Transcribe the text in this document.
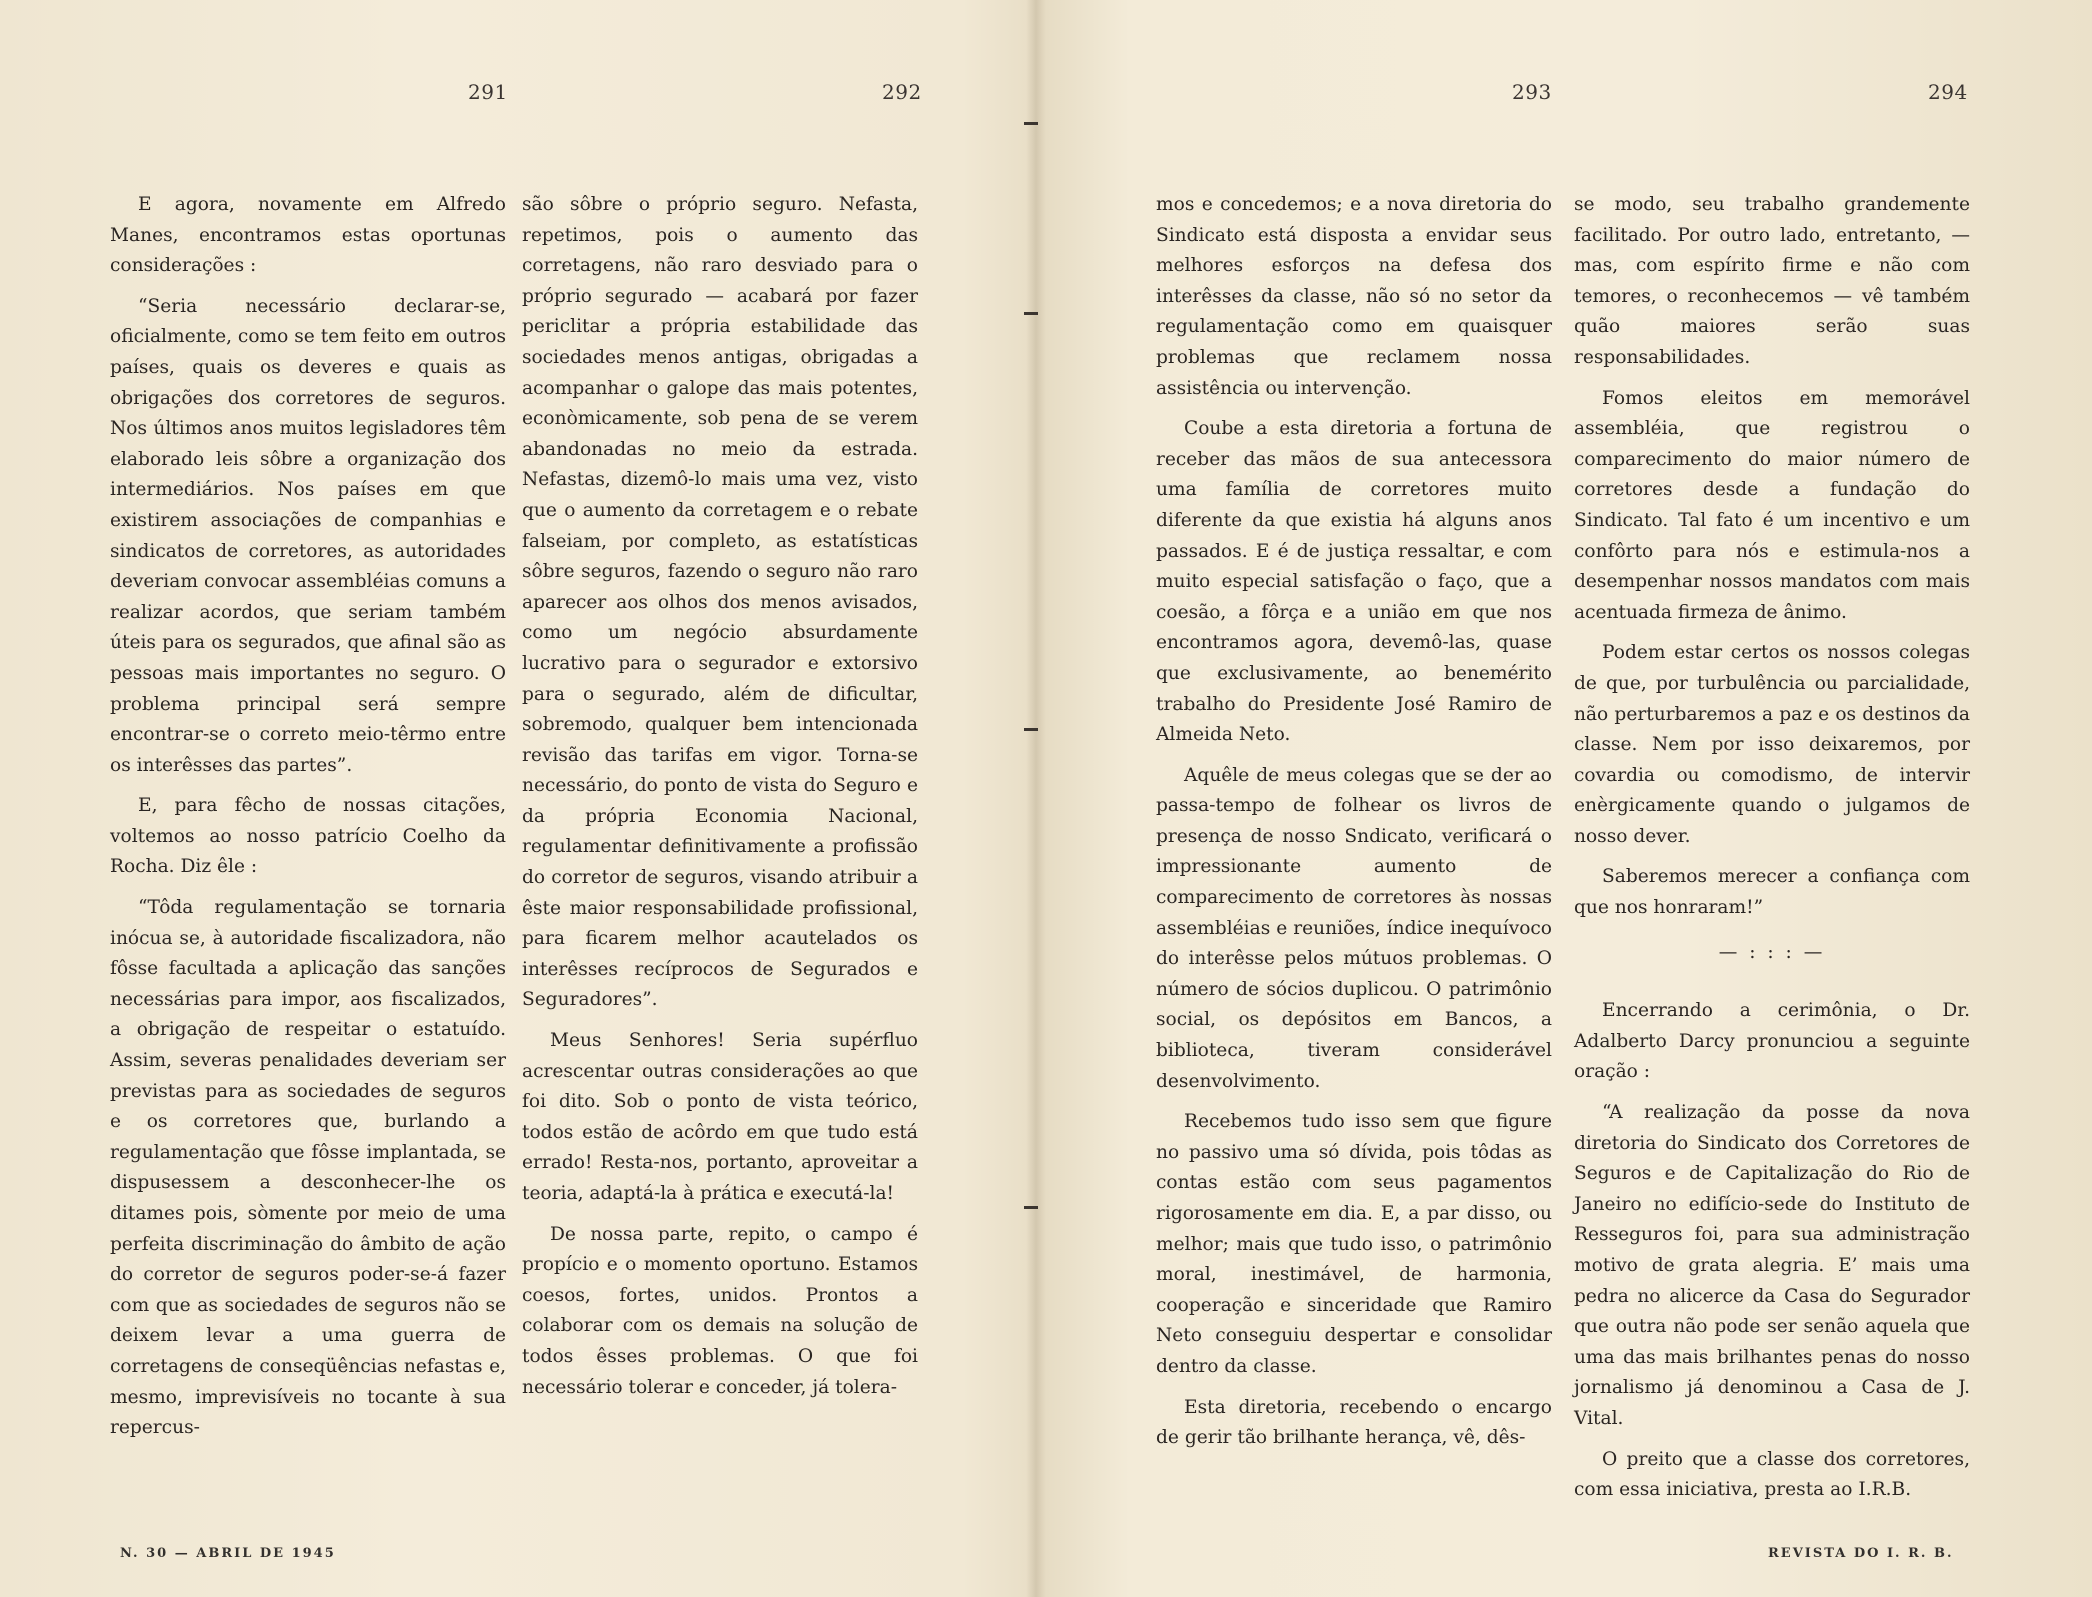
291	292	293	294

E agora, novamente em Alfredo Manes, encontramos estas oportunas considerações :

“Seria necessário declarar-se, oficialmente, como se tem feito em outros países, quais os deveres e quais as obrigações dos corretores de seguros. Nos últimos anos muitos legisladores têm elaborado leis sôbre a organização dos intermediários. Nos países em que existirem associações de companhias e sindicatos de corretores, as autoridades deveriam convocar assembléias comuns a realizar acordos, que seriam também úteis para os segurados, que afinal são as pessoas mais importantes no seguro. O problema principal será sempre encontrar-se o correto meio-têrmo entre os interêsses das partes”.

E, para fêcho de nossas citações, voltemos ao nosso patrício Coelho da Rocha. Diz êle :

“Tôda regulamentação se tornaria inócua se, à autoridade fiscalizadora, não fôsse facultada a aplicação das sanções necessárias para impor, aos fiscalizados, a obrigação de respeitar o estatuído. Assim, severas penalidades deveriam ser previstas para as sociedades de seguros e os corretores que, burlando a regulamentação que fôsse implantada, se dispusessem a desconhecer-lhe os ditames pois, sòmente por meio de uma perfeita discriminação do âmbito de ação do corretor de seguros poder-se-á fazer com que as sociedades de seguros não se deixem levar a uma guerra de corretagens de conseqüências nefastas e, mesmo, imprevisíveis no tocante à sua repercus-

são sôbre o próprio seguro. Nefasta, repetimos, pois o aumento das corretagens, não raro desviado para o próprio segurado — acabará por fazer periclitar a própria estabilidade das sociedades menos antigas, obrigadas a acompanhar o galope das mais potentes, econòmicamente, sob pena de se verem abandonadas no meio da estrada. Nefastas, dizemô-lo mais uma vez, visto que o aumento da corretagem e o rebate falseiam, por completo, as estatísticas sôbre seguros, fazendo o seguro não raro aparecer aos olhos dos menos avisados, como um negócio absurdamente lucrativo para o segurador e extorsivo para o segurado, além de dificultar, sobremodo, qualquer bem intencionada revisão das tarifas em vigor. Torna-se necessário, do ponto de vista do Seguro e da própria Economia Nacional, regulamentar definitivamente a profissão do corretor de seguros, visando atribuir a êste maior responsabilidade profissional, para ficarem melhor acautelados os interêsses recíprocos de Segurados e Seguradores”.

Meus Senhores! Seria supérfluo acrescentar outras considerações ao que foi dito. Sob o ponto de vista teórico, todos estão de acôrdo em que tudo está errado! Resta-nos, portanto, aproveitar a teoria, adaptá-la à prática e executá-la!

De nossa parte, repito, o campo é propício e o momento oportuno. Estamos coesos, fortes, unidos. Prontos a colaborar com os demais na solução de todos êsses problemas. O que foi necessário tolerar e conceder, já tolera-

mos e concedemos; e a nova diretoria do Sindicato está disposta a envidar seus melhores esforços na defesa dos interêsses da classe, não só no setor da regulamentação como em quaisquer problemas que reclamem nossa assistência ou intervenção.

Coube a esta diretoria a fortuna de receber das mãos de sua antecessora uma família de corretores muito diferente da que existia há alguns anos passados. E é de justiça ressaltar, e com muito especial satisfação o faço, que a coesão, a fôrça e a união em que nos encontramos agora, devemô-las, quase que exclusivamente, ao benemérito trabalho do Presidente José Ramiro de Almeida Neto.

Aquêle de meus colegas que se der ao passa-tempo de folhear os livros de presença de nosso Sndicato, verificará o impressionante aumento de comparecimento de corretores às nossas assembléias e reuniões, índice inequívoco do interêsse pelos mútuos problemas. O número de sócios duplicou. O patrimônio social, os depósitos em Bancos, a biblioteca, tiveram considerável desenvolvimento.

Recebemos tudo isso sem que figure no passivo uma só dívida, pois tôdas as contas estão com seus pagamentos rigorosamente em dia. E, a par disso, ou melhor; mais que tudo isso, o patrimônio moral, inestimável, de harmonia, cooperação e sinceridade que Ramiro Neto conseguiu despertar e consolidar dentro da classe.

Esta diretoria, recebendo o encargo de gerir tão brilhante herança, vê, dês-

se modo, seu trabalho grandemente facilitado. Por outro lado, entretanto, — mas, com espírito firme e não com temores, o reconhecemos — vê também quão maiores serão suas responsabilidades.

Fomos eleitos em memorável assembléia, que registrou o comparecimento do maior número de corretores desde a fundação do Sindicato. Tal fato é um incentivo e um confôrto para nós e estimula-nos a desempenhar nossos mandatos com mais acentuada firmeza de ânimo.

Podem estar certos os nossos colegas de que, por turbulência ou parcialidade, não perturbaremos a paz e os destinos da classe. Nem por isso deixaremos, por covardia ou comodismo, de intervir enèrgicamente quando o julgamos de nosso dever.

Saberemos merecer a confiança com que nos honraram!”

— : : : —

Encerrando a cerimônia, o Dr. Adalberto Darcy pronunciou a seguinte oração :

“A realização da posse da nova diretoria do Sindicato dos Corretores de Seguros e de Capitalização do Rio de Janeiro no edifício-sede do Instituto de Resseguros foi, para sua administração motivo de grata alegria. E’ mais uma pedra no alicerce da Casa do Segurador que outra não pode ser senão aquela que uma das mais brilhantes penas do nosso jornalismo já denominou a Casa de J. Vital.

O preito que a classe dos corretores, com essa iniciativa, presta ao I.R.B.

N. 30 — ABRIL DE 1945	REVISTA DO I. R. B.
